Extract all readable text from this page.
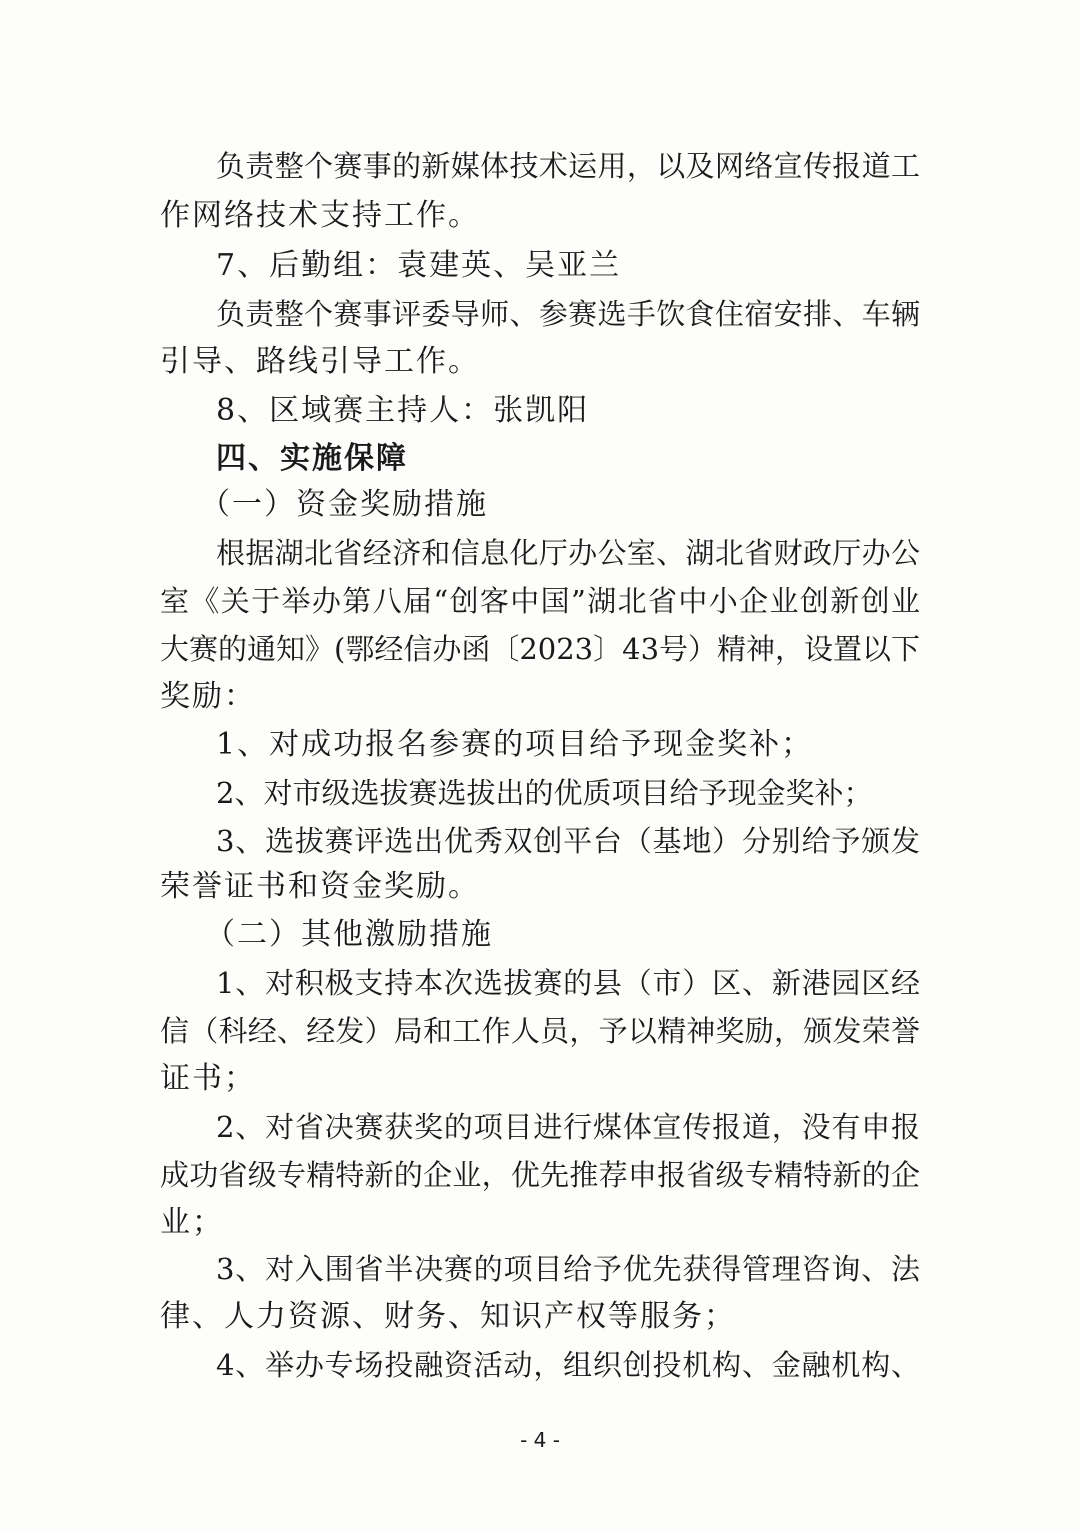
负责整个赛事的新媒体技术运用，以及网络宣传报道工
作网络技术支持工作。
7、后勤组：袁建英、吴亚兰
负责整个赛事评委导师、参赛选手饮食住宿安排、车辆
引导、路线引导工作。
8、区域赛主持人：张凯阳
四、实施保障
（一）资金奖励措施
根据湖北省经济和信息化厅办公室、湖北省财政厅办公
室《关于举办第八届“创客中国”湖北省中小企业创新创业
大赛的通知》(鄂经信办函〔2023〕43号）精神，设置以下
奖励：
1、对成功报名参赛的项目给予现金奖补；
2、对市级选拔赛选拔出的优质项目给予现金奖补；
3、选拔赛评选出优秀双创平台（基地）分别给予颁发
荣誉证书和资金奖励。
（二）其他激励措施
1、对积极支持本次选拔赛的县（市）区、新港园区经
信（科经、经发）局和工作人员，予以精神奖励，颁发荣誉
证书；
2、对省决赛获奖的项目进行煤体宣传报道，没有申报
成功省级专精特新的企业，优先推荐申报省级专精特新的企
业；
3、对入围省半决赛的项目给予优先获得管理咨询、法
律、人力资源、财务、知识产权等服务；
4、举办专场投融资活动，组织创投机构、金融机构、
- 4 -
